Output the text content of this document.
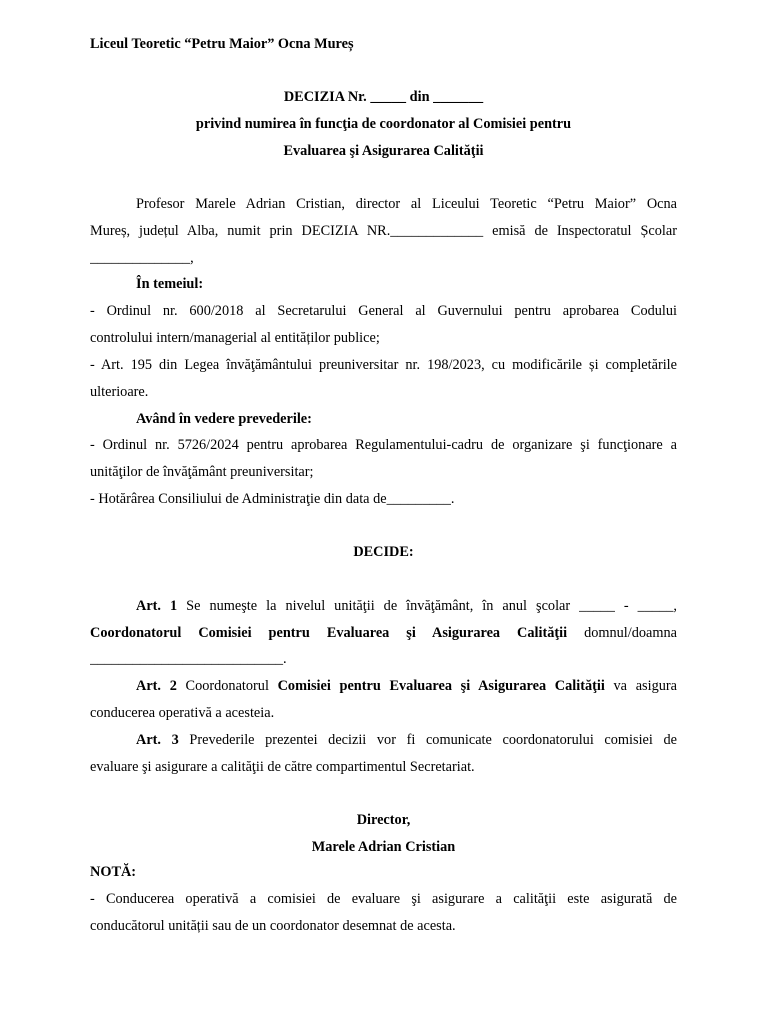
Liceul Teoretic “Petru Maior” Ocna Mureș
DECIZIA Nr. _____ din _______
privind numirea în funcţia de coordonator al Comisiei pentru
Evaluarea şi Asigurarea Calităţii
Profesor Marele Adrian Cristian, director al Liceului Teoretic “Petru Maior” Ocna
Mureș, județul Alba, numit prin DECIZIA NR._____________ emisă de Inspectoratul Școlar
______________,
În temeiul:
- Ordinul nr. 600/2018 al Secretarului General al Guvernului pentru aprobarea Codului
controlului intern/managerial al entităților publice;
- Art. 195 din Legea învăţământului preuniversitar nr. 198/2023, cu modificările și completările
ulterioare.
Având în vedere prevederile:
- Ordinul nr. 5726/2024 pentru aprobarea Regulamentului-cadru de organizare şi funcţionare a
unităţilor de învăţământ preuniversitar;
- Hotărârea Consiliului de Administraţie din data de_________.
DECIDE:
Art. 1 Se numeşte la nivelul unităţii de învăţământ, în anul şcolar _____ - _____,
Coordonatorul Comisiei pentru Evaluarea şi Asigurarea Calităţii domnul/doamna
___________________________.
Art. 2 Coordonatorul Comisiei pentru Evaluarea şi Asigurarea Calităţii va asigura
conducerea operativă a acesteia.
Art. 3 Prevederile prezentei decizii vor fi comunicate coordonatorului comisiei de
evaluare şi asigurare a calităţii de către compartimentul Secretariat.
Director,
Marele Adrian Cristian
NOTĂ:
- Conducerea operativă a comisiei de evaluare şi asigurare a calităţii este asigurată de
conducătorul unității sau de un coordonator desemnat de acesta.
